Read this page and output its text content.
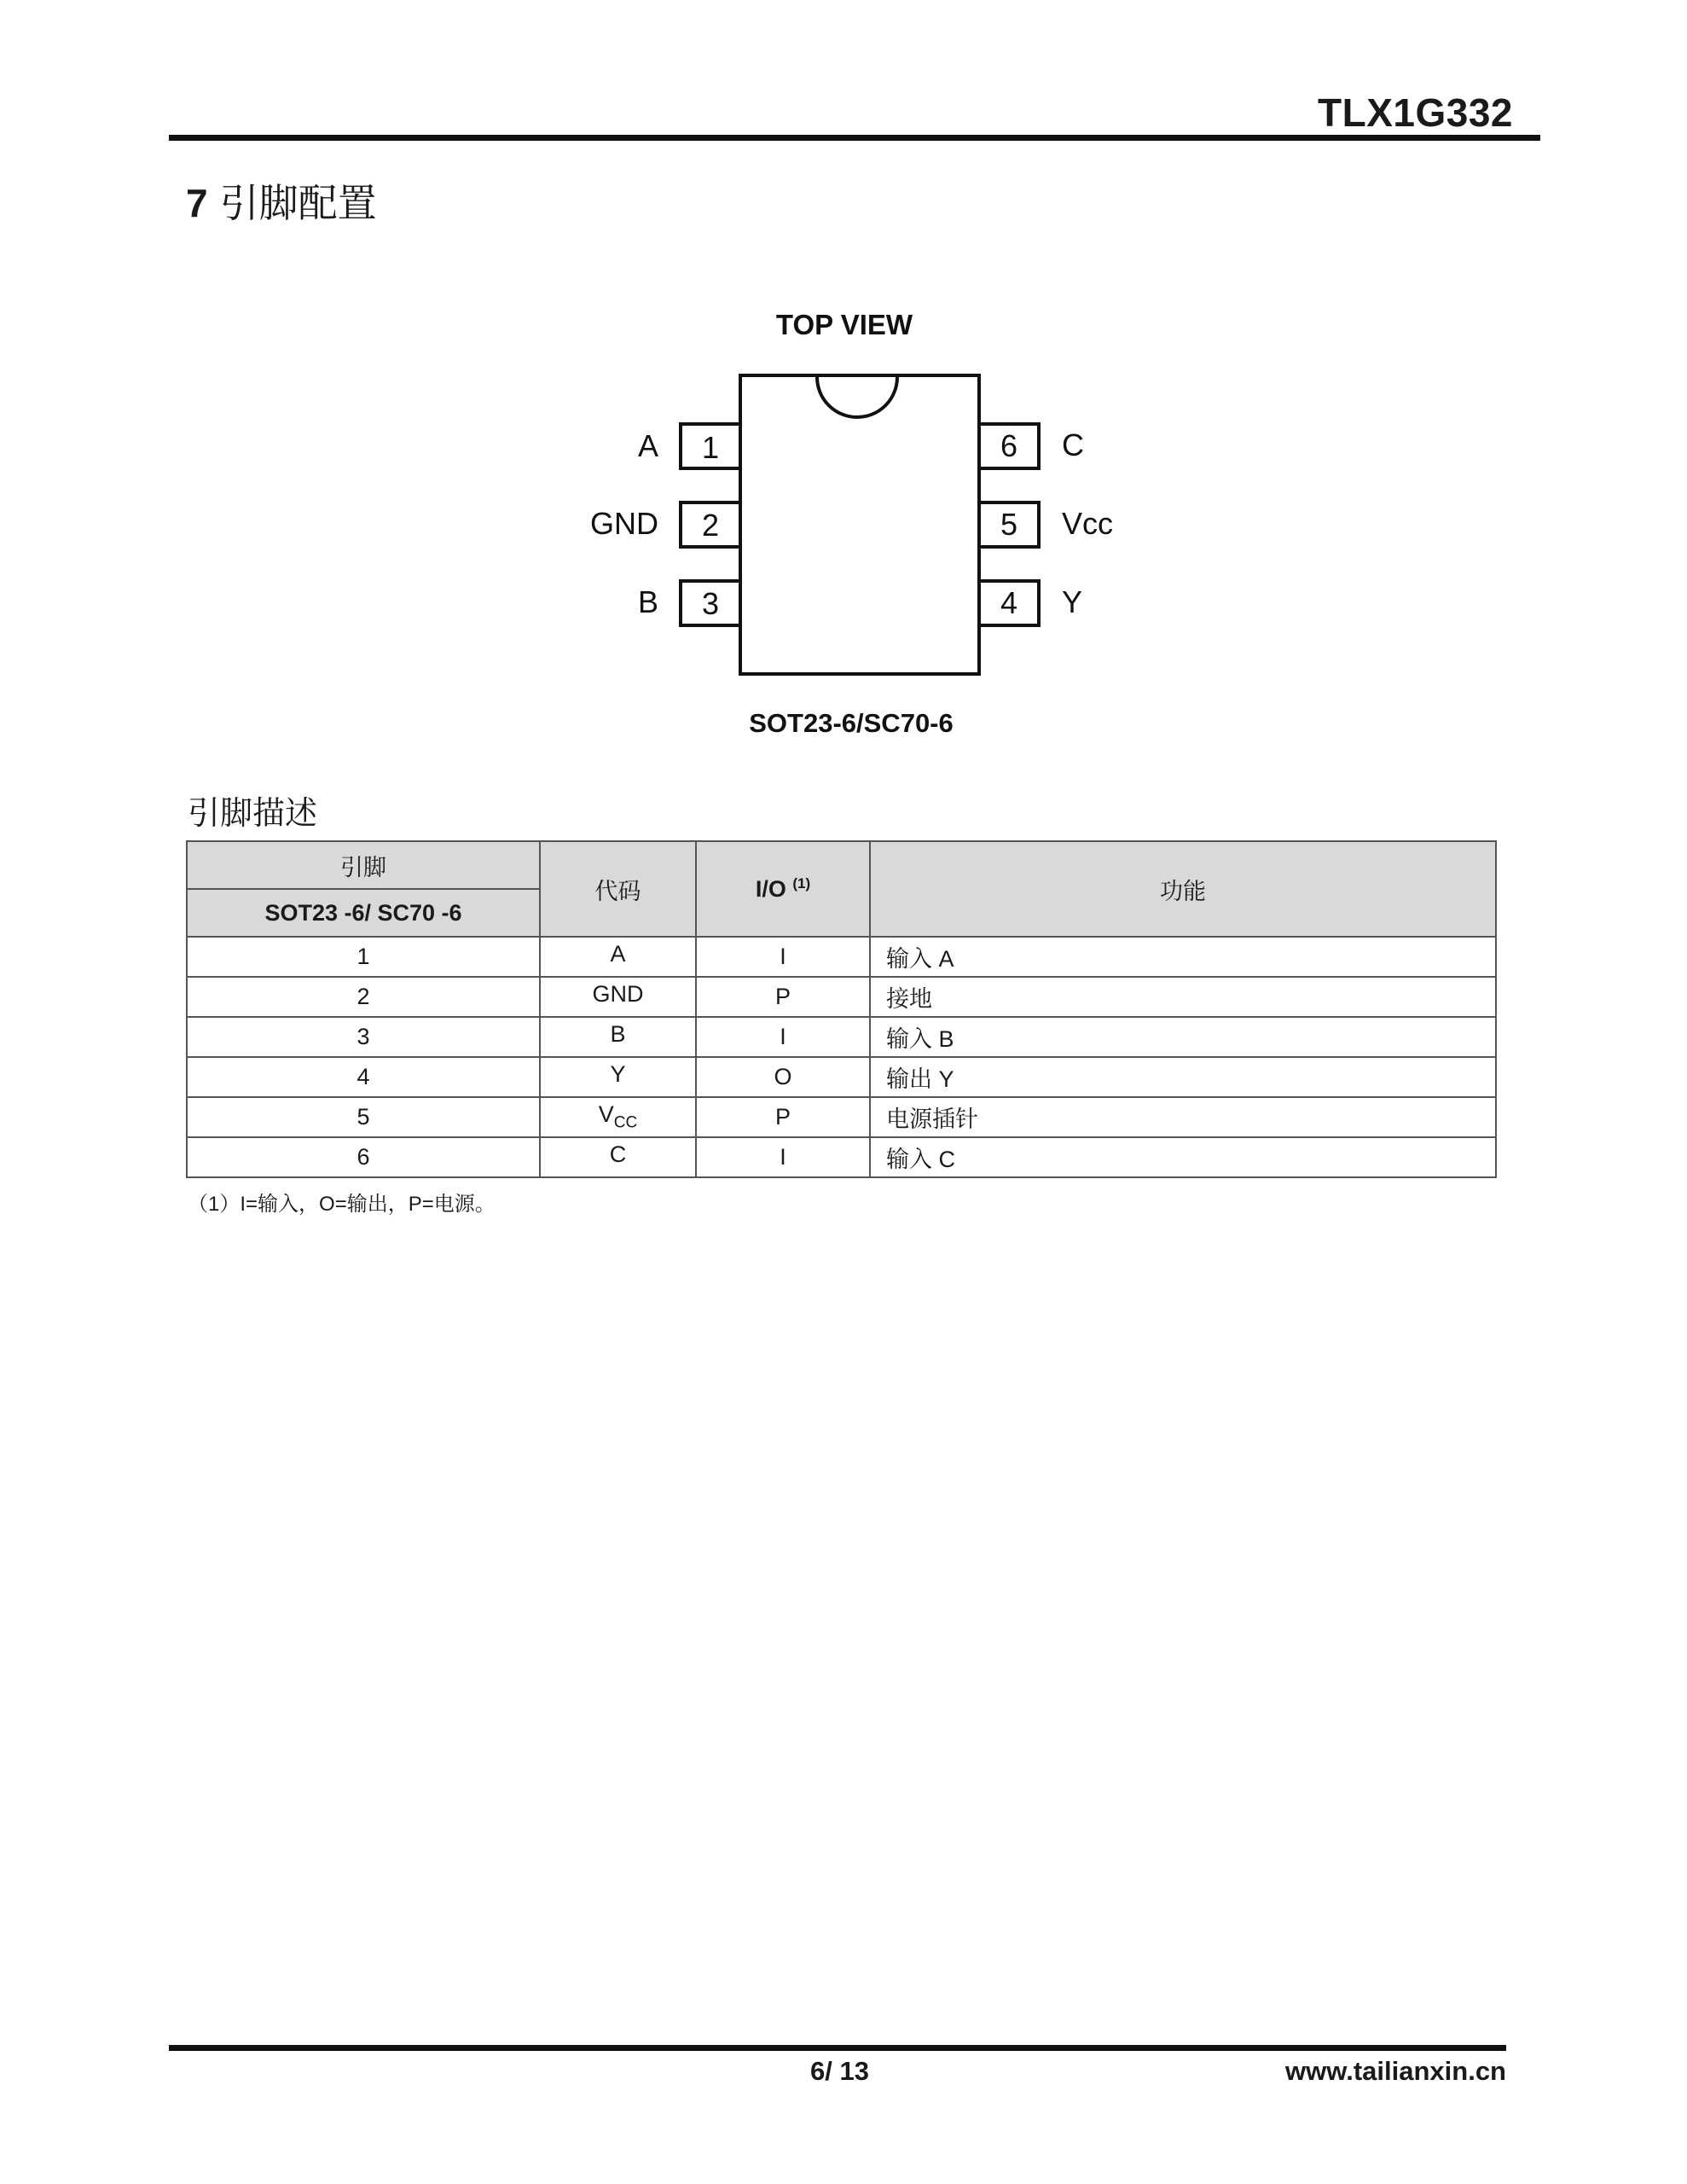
TLX1G332
7 引脚配置
TOP VIEW
1
A
2
GND
3
B
6 C
5 Vcc
4 Y
SOT23-6/SC70-6
引脚描述
引脚	代码	I/O $^{(1)}$	功能
SOT23 -6/ SC70 -6			
1	A	I	输入 A
2	GND	P	接地
3	B	I	输入 B
4	Y	O	输出 Y
5	$V_{CC}$	P	电源插针
6	C	I	输入 C
（1）I=输入，O=输出，P=电源。
6/ 13	www.tailianxin.cn
